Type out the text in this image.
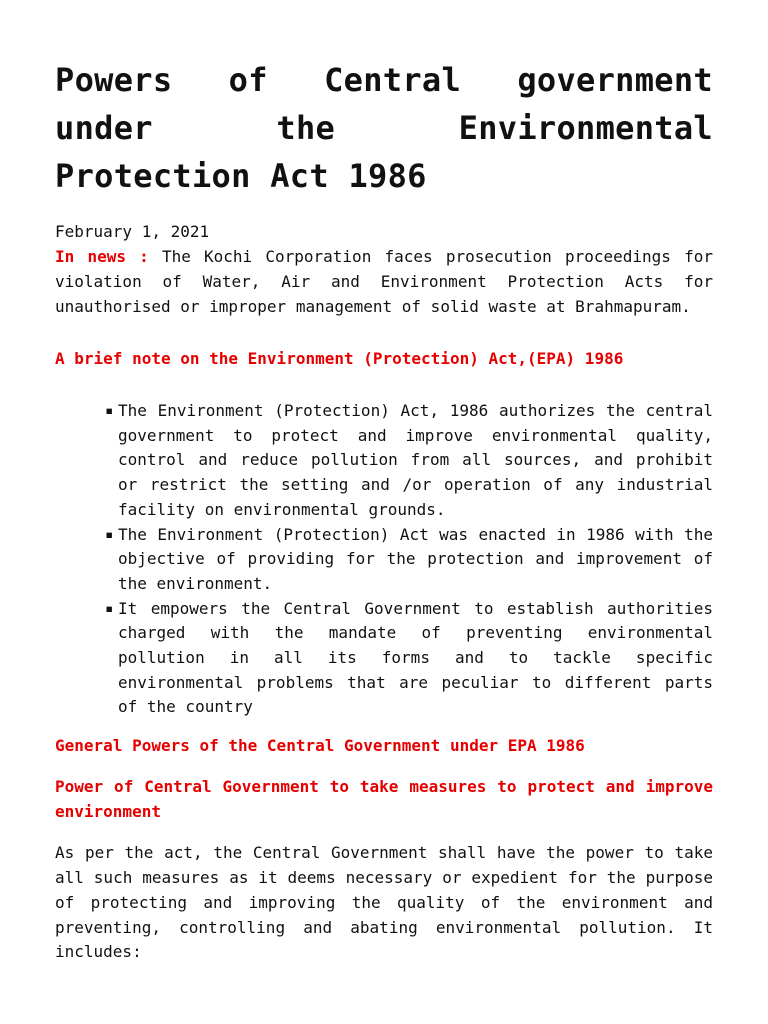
Powers of Central government under the Environmental Protection Act 1986
February 1, 2021

In news : The Kochi Corporation faces prosecution proceedings for violation of Water, Air and Environment Protection Acts for unauthorised or improper management of solid waste at Brahmapuram.

A brief note on the Environment (Protection) Act,(EPA) 1986

▪ The Environment (Protection) Act, 1986 authorizes the central government to protect and improve environmental quality, control and reduce pollution from all sources, and prohibit or restrict the setting and /or operation of any industrial facility on environmental grounds.
▪ The Environment (Protection) Act was enacted in 1986 with the objective of providing for the protection and improvement of the environment.
▪ It empowers the Central Government to establish authorities charged with the mandate of preventing environmental pollution in all its forms and to tackle specific environmental problems that are peculiar to different parts of the country

General Powers of the Central Government under EPA 1986

Power of Central Government to take measures to protect and improve environment

As per the act, the Central Government shall have the power to take all such measures as it deems necessary or expedient for the purpose of protecting and improving the quality of the environment and preventing, controlling and abating environmental pollution. It includes:
